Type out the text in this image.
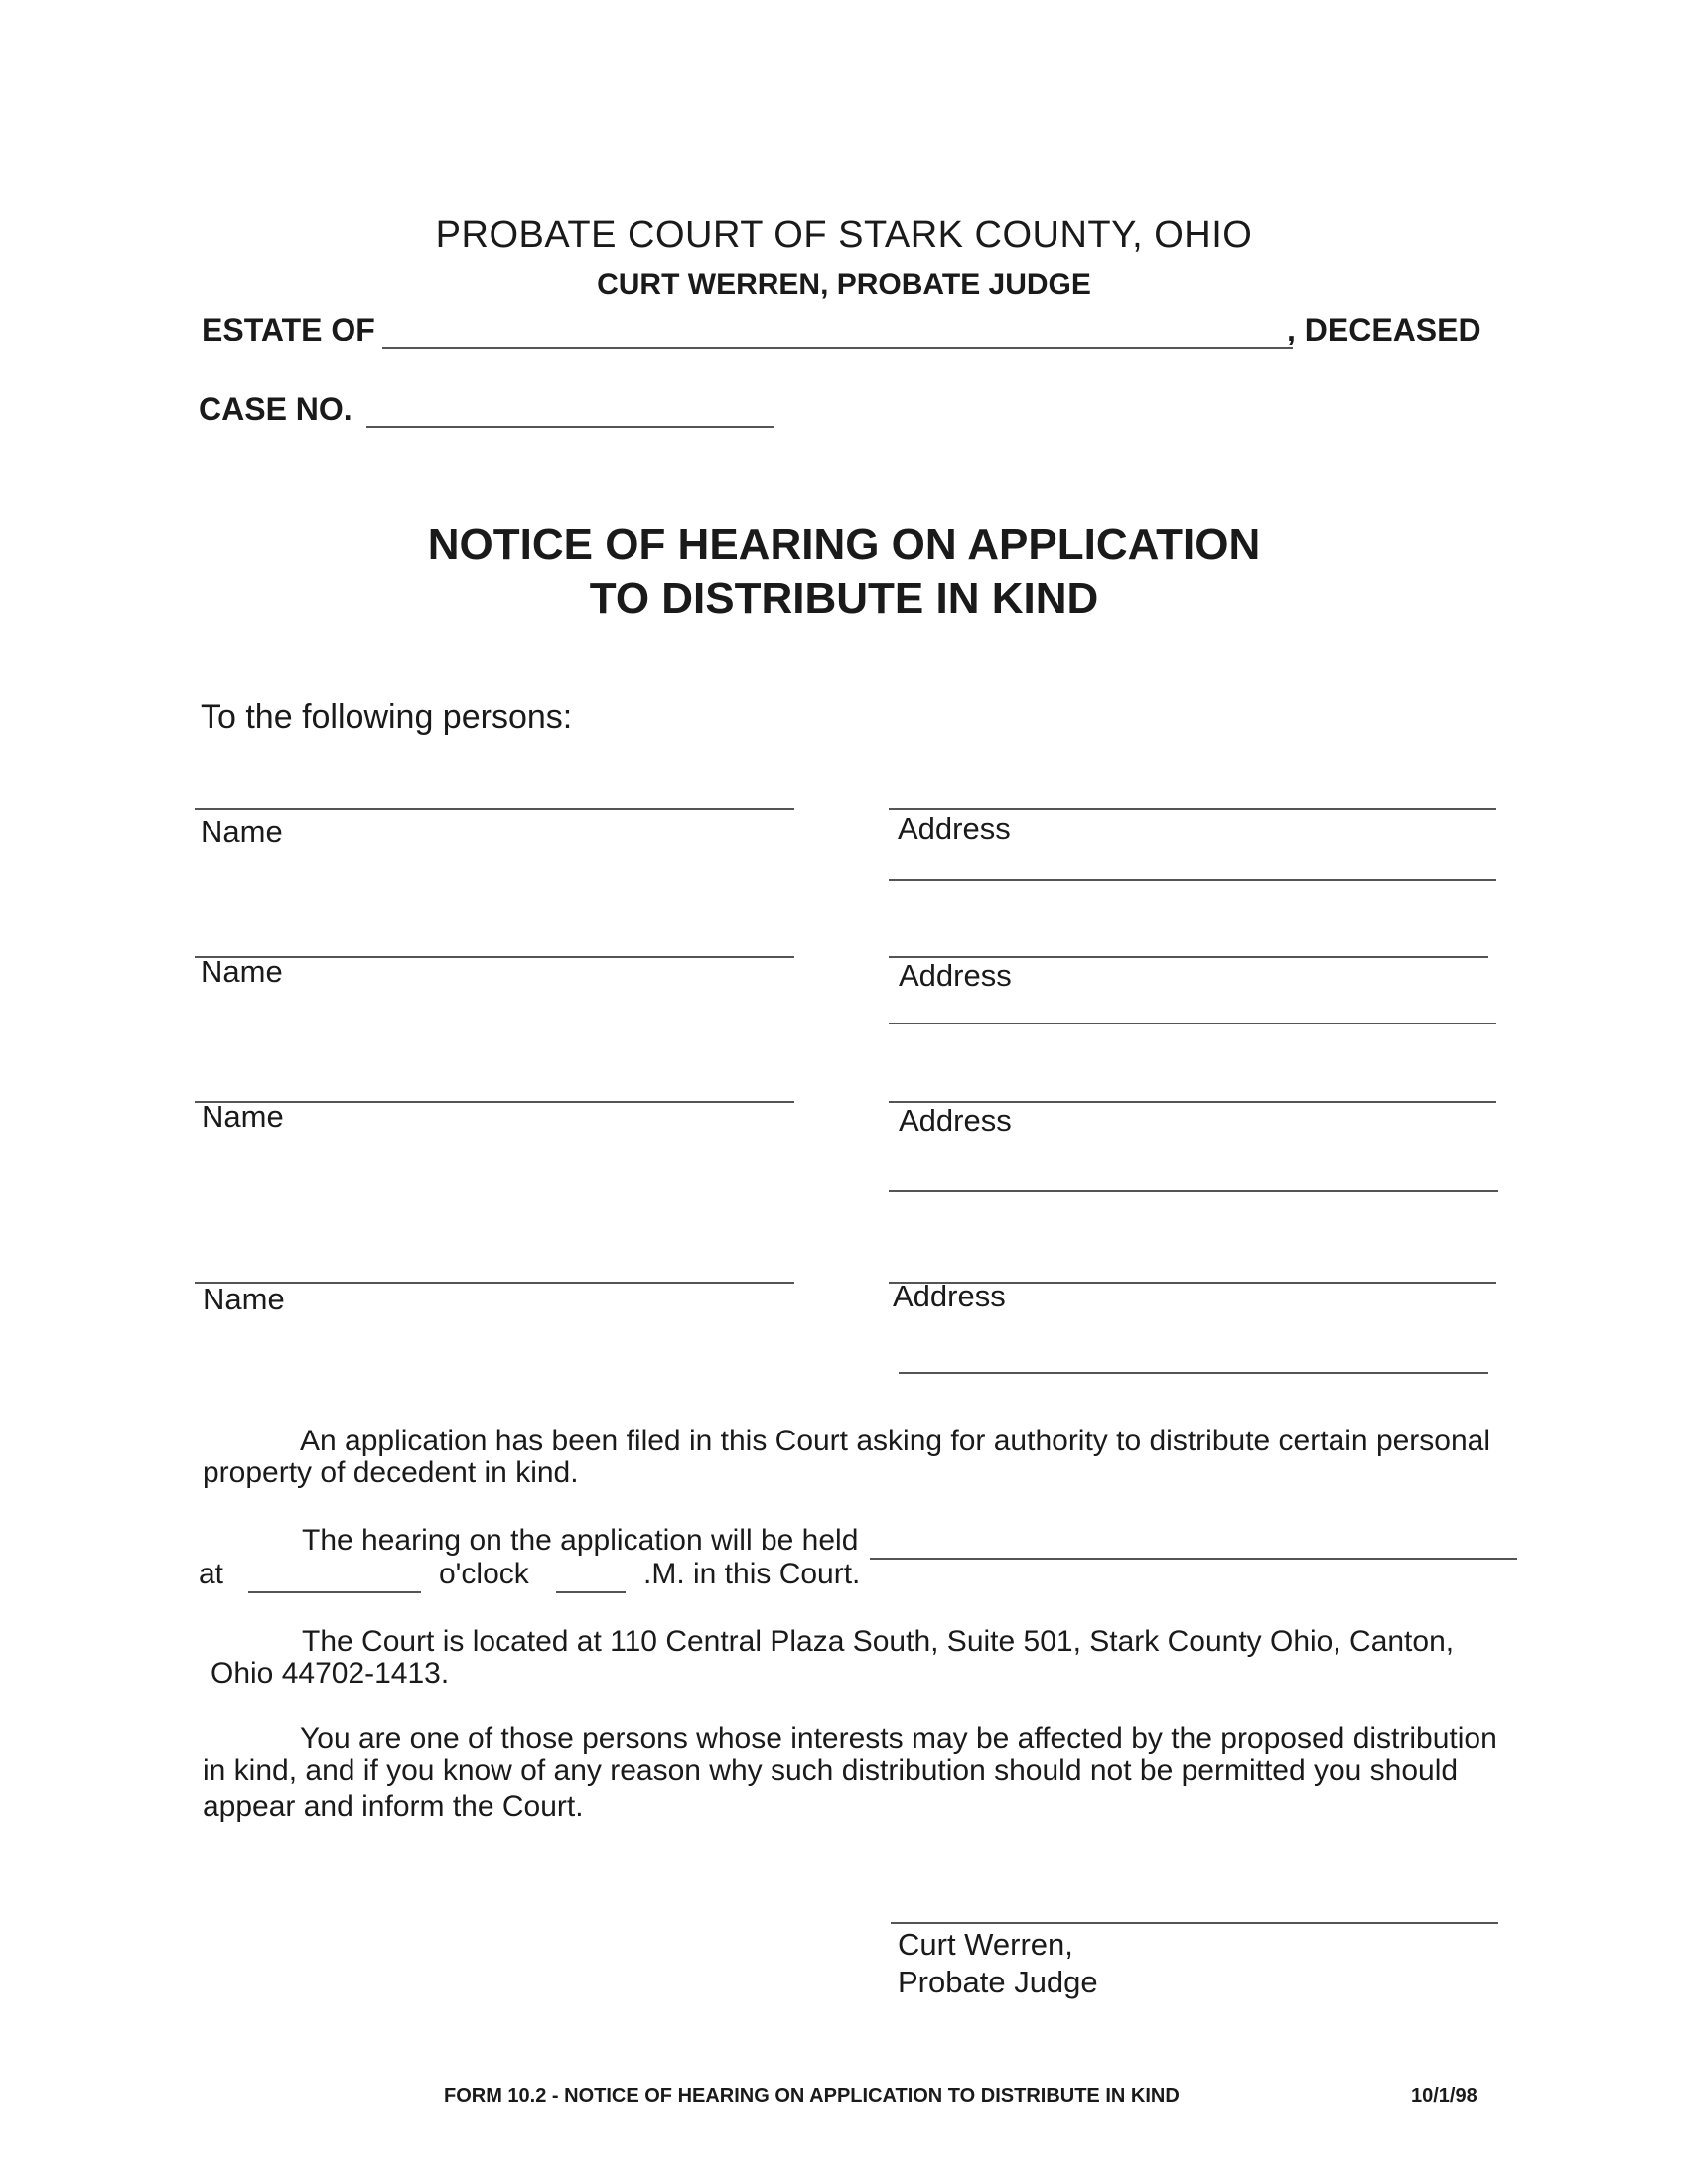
PROBATE COURT OF STARK COUNTY, OHIO
CURT WERREN, PROBATE JUDGE
ESTATE OF	, DECEASED
CASE NO.
NOTICE OF HEARING ON APPLICATION
TO DISTRIBUTE IN KIND
To the following persons:
Name	Address
Name	Address
Name	Address
Name	Address
An application has been filed in this Court asking for authority to distribute certain personal
property of decedent in kind.
The hearing on the application will be held
at	o'clock	.M. in this Court.
The Court is located at 110 Central Plaza South, Suite 501, Stark County Ohio, Canton,
Ohio 44702-1413.
You are one of those persons whose interests may be affected by the proposed distribution
in kind, and if you know of any reason why such distribution should not be permitted you should
appear and inform the Court.
Curt Werren,
Probate Judge
FORM 10.2 - NOTICE OF HEARING ON APPLICATION TO DISTRIBUTE IN KIND	10/1/98
